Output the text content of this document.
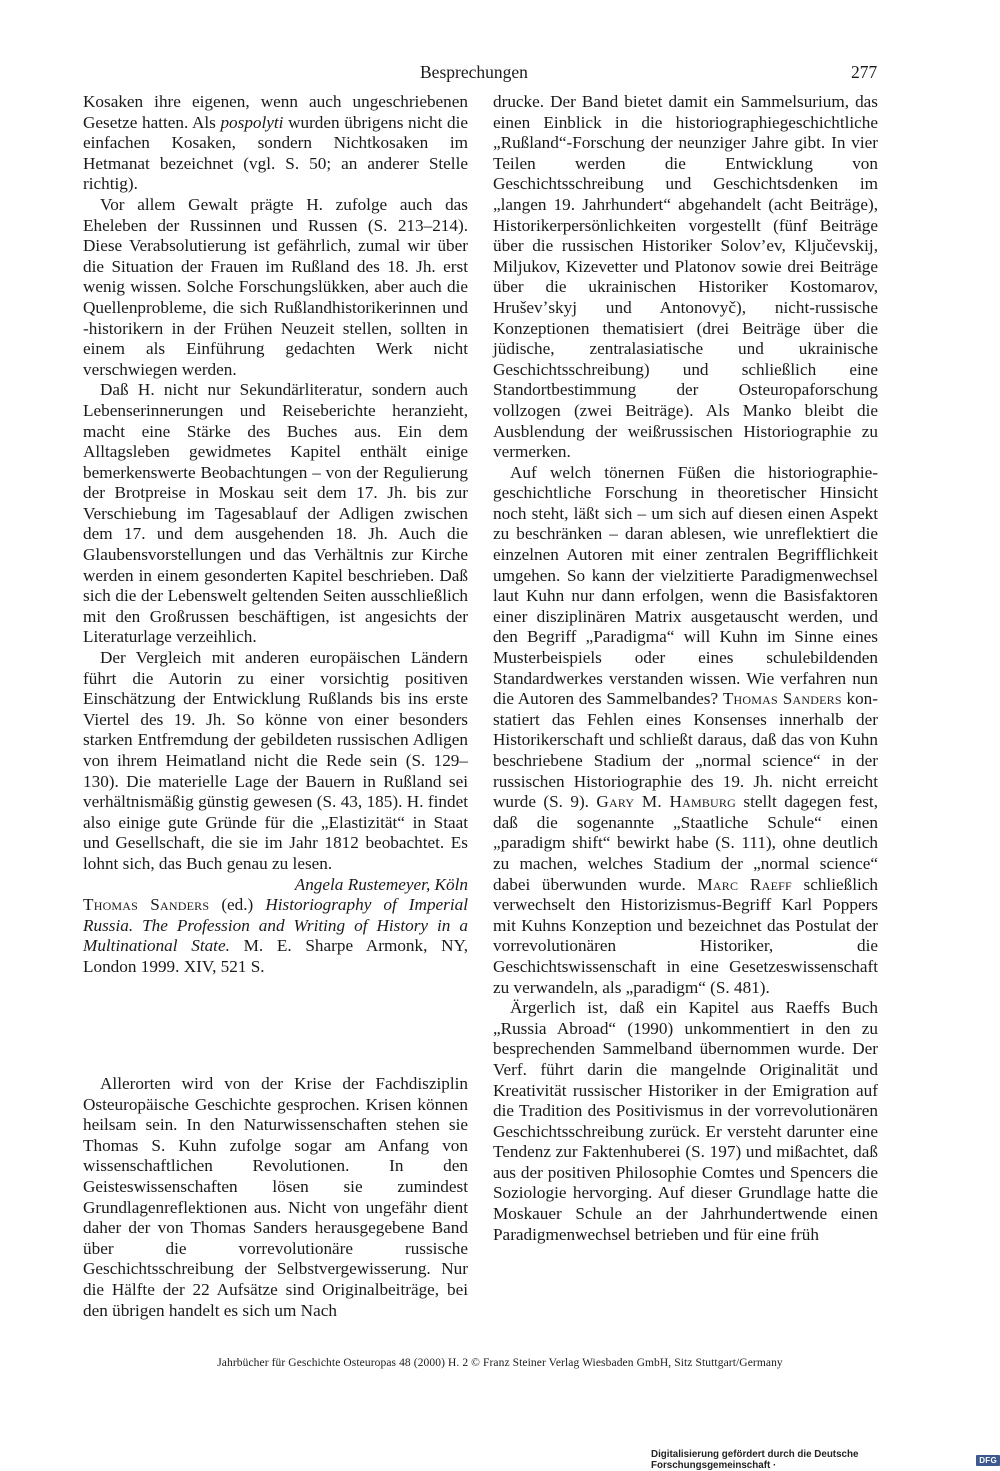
Besprechungen	277

Kosaken ihre eigenen, wenn auch ungeschriebenen Gesetze hatten. Als pospolyti wurden übrigens nicht die einfachen Kosaken, sondern Nichtkosaken im Hetmanat bezeichnet (vgl. S. 50; an anderer Stelle richtig).

Vor allem Gewalt prägte H. zufolge auch das Eheleben der Russinnen und Russen (S. 213–214). Diese Verabsolutierung ist gefährlich, zumal wir über die Situation der Frauen im Rußland des 18. Jh. erst wenig wissen. Solche Forschungslükken, aber auch die Quellenprobleme, die sich Rußlandhistorikerinnen und -historikern in der Frühen Neuzeit stellen, sollten in einem als Einführung gedachten Werk nicht verschwiegen werden.

Daß H. nicht nur Sekundärliteratur, sondern auch Lebenserinnerungen und Reiseberichte heranzieht, macht eine Stärke des Buches aus. Ein dem Alltagsleben gewidmetes Kapitel enthält einige bemerkenswerte Beobachtungen – von der Regulierung der Brotpreise in Moskau seit dem 17. Jh. bis zur Verschiebung im Tagesablauf der Adligen zwischen dem 17. und dem ausgehenden 18. Jh. Auch die Glaubensvorstellungen und das Verhältnis zur Kirche werden in einem gesonderten Kapitel beschrieben. Daß sich die der Lebenswelt geltenden Seiten ausschließlich mit den Großrussen beschäftigen, ist angesichts der Literaturlage verzeihlich.

Der Vergleich mit anderen europäischen Ländern führt die Autorin zu einer vorsichtig positiven Einschätzung der Entwicklung Rußlands bis ins erste Viertel des 19. Jh. So könne von einer besonders starken Entfremdung der gebildeten russischen Adligen von ihrem Heimatland nicht die Rede sein (S. 129–130). Die materielle Lage der Bauern in Rußland sei verhältnismäßig günstig gewesen (S. 43, 185). H. findet also einige gute Gründe für die „Elastizität“ in Staat und Gesellschaft, die sie im Jahr 1812 beobachtet. Es lohnt sich, das Buch genau zu lesen.

Angela Rustemeyer, Köln

Thomas Sanders (ed.) Historiography of Imperial Russia. The Profession and Writing of History in a Multinational State. M. E. Sharpe Armonk, NY, London 1999. XIV, 521 S.

Allerorten wird von der Krise der Fachdisziplin Osteuropäische Geschichte gesprochen. Krisen können heilsam sein. In den Naturwissenschaften stehen sie Thomas S. Kuhn zufolge sogar am Anfang von wissenschaftlichen Revolutionen. In den Geisteswissenschaften lösen sie zumindest Grundlagenreflektionen aus. Nicht von ungefähr dient daher der von Thomas Sanders herausgegebene Band über die vorrevolutionäre russische Geschichtsschreibung der Selbstvergewisserung. Nur die Hälfte der 22 Aufsätze sind Originalbeiträge, bei den übrigen handelt es sich um Nach

drucke. Der Band bietet damit ein Sammelsurium, das einen Einblick in die historiographiegeschichtliche „Rußland“-Forschung der neunziger Jahre gibt. In vier Teilen werden die Entwicklung von Geschichtsschreibung und Geschichtsdenken im „langen 19. Jahrhundert“ abgehandelt (acht Beiträge), Historikerpersönlichkeiten vorgestellt (fünf Beiträge über die russischen Historiker Solov’ev, Ključevskij, Miljukov, Kizevetter und Platonov sowie drei Beiträge über die ukrainischen Historiker Kostomarov, Hruševʼskyj und Antonovyč), nicht-russische Konzeptionen thematisiert (drei Beiträge über die jüdische, zentralasiatische und ukrainische Geschichtsschreibung) und schließlich eine Standortbestimmung der Osteuropaforschung vollzogen (zwei Beiträge). Als Manko bleibt die Ausblendung der weißrussischen Historiographie zu vermerken.

Auf welch tönernen Füßen die historiographiegeschichtliche Forschung in theoretischer Hinsicht noch steht, läßt sich – um sich auf diesen einen Aspekt zu beschränken – daran ablesen, wie unreflektiert die einzelnen Autoren mit einer zentralen Begrifflichkeit umgehen. So kann der vielzitierte Paradigmenwechsel laut Kuhn nur dann erfolgen, wenn die Basisfaktoren einer disziplinären Matrix ausgetauscht werden, und den Begriff „Paradigma“ will Kuhn im Sinne eines Musterbeispiels oder eines schulebildenden Standardwerkes verstanden wissen. Wie verfahren nun die Autoren des Sammelbandes? Thomas Sanders konstatiert das Fehlen eines Konsenses innerhalb der Historikerschaft und schließt daraus, daß das von Kuhn beschriebene Stadium der „normal science“ in der russischen Historiographie des 19. Jh. nicht erreicht wurde (S. 9). Gary M. Hamburg stellt dagegen fest, daß die sogenannte „Staatliche Schule“ einen „paradigm shift“ bewirkt habe (S. 111), ohne deutlich zu machen, welches Stadium der „normal science“ dabei überwunden wurde. Marc Raeff schließlich verwechselt den Historizismus-Begriff Karl Poppers mit Kuhns Konzeption und bezeichnet das Postulat der vorrevolutionären Historiker, die Geschichtswissenschaft in eine Gesetzeswissenschaft zu verwandeln, als „paradigm“ (S. 481).

Ärgerlich ist, daß ein Kapitel aus Raeffs Buch „Russia Abroad“ (1990) unkommentiert in den zu besprechenden Sammelband übernommen wurde. Der Verf. führt darin die mangelnde Originalität und Kreativität russischer Historiker in der Emigration auf die Tradition des Positivismus in der vorrevolutionären Geschichtsschreibung zurück. Er versteht darunter eine Tendenz zur Faktenhuberei (S. 197) und mißachtet, daß aus der positiven Philosophie Comtes und Spencers die Soziologie hervorging. Auf dieser Grundlage hatte die Moskauer Schule an der Jahrhundertwende einen Paradigmenwechsel betrieben und für eine früh

Jahrbücher für Geschichte Osteuropas 48 (2000) H. 2 © Franz Steiner Verlag Wiesbaden GmbH, Sitz Stuttgart/Germany
Digitalisierung gefördert durch die Deutsche Forschungsgemeinschaft ·	DFG
